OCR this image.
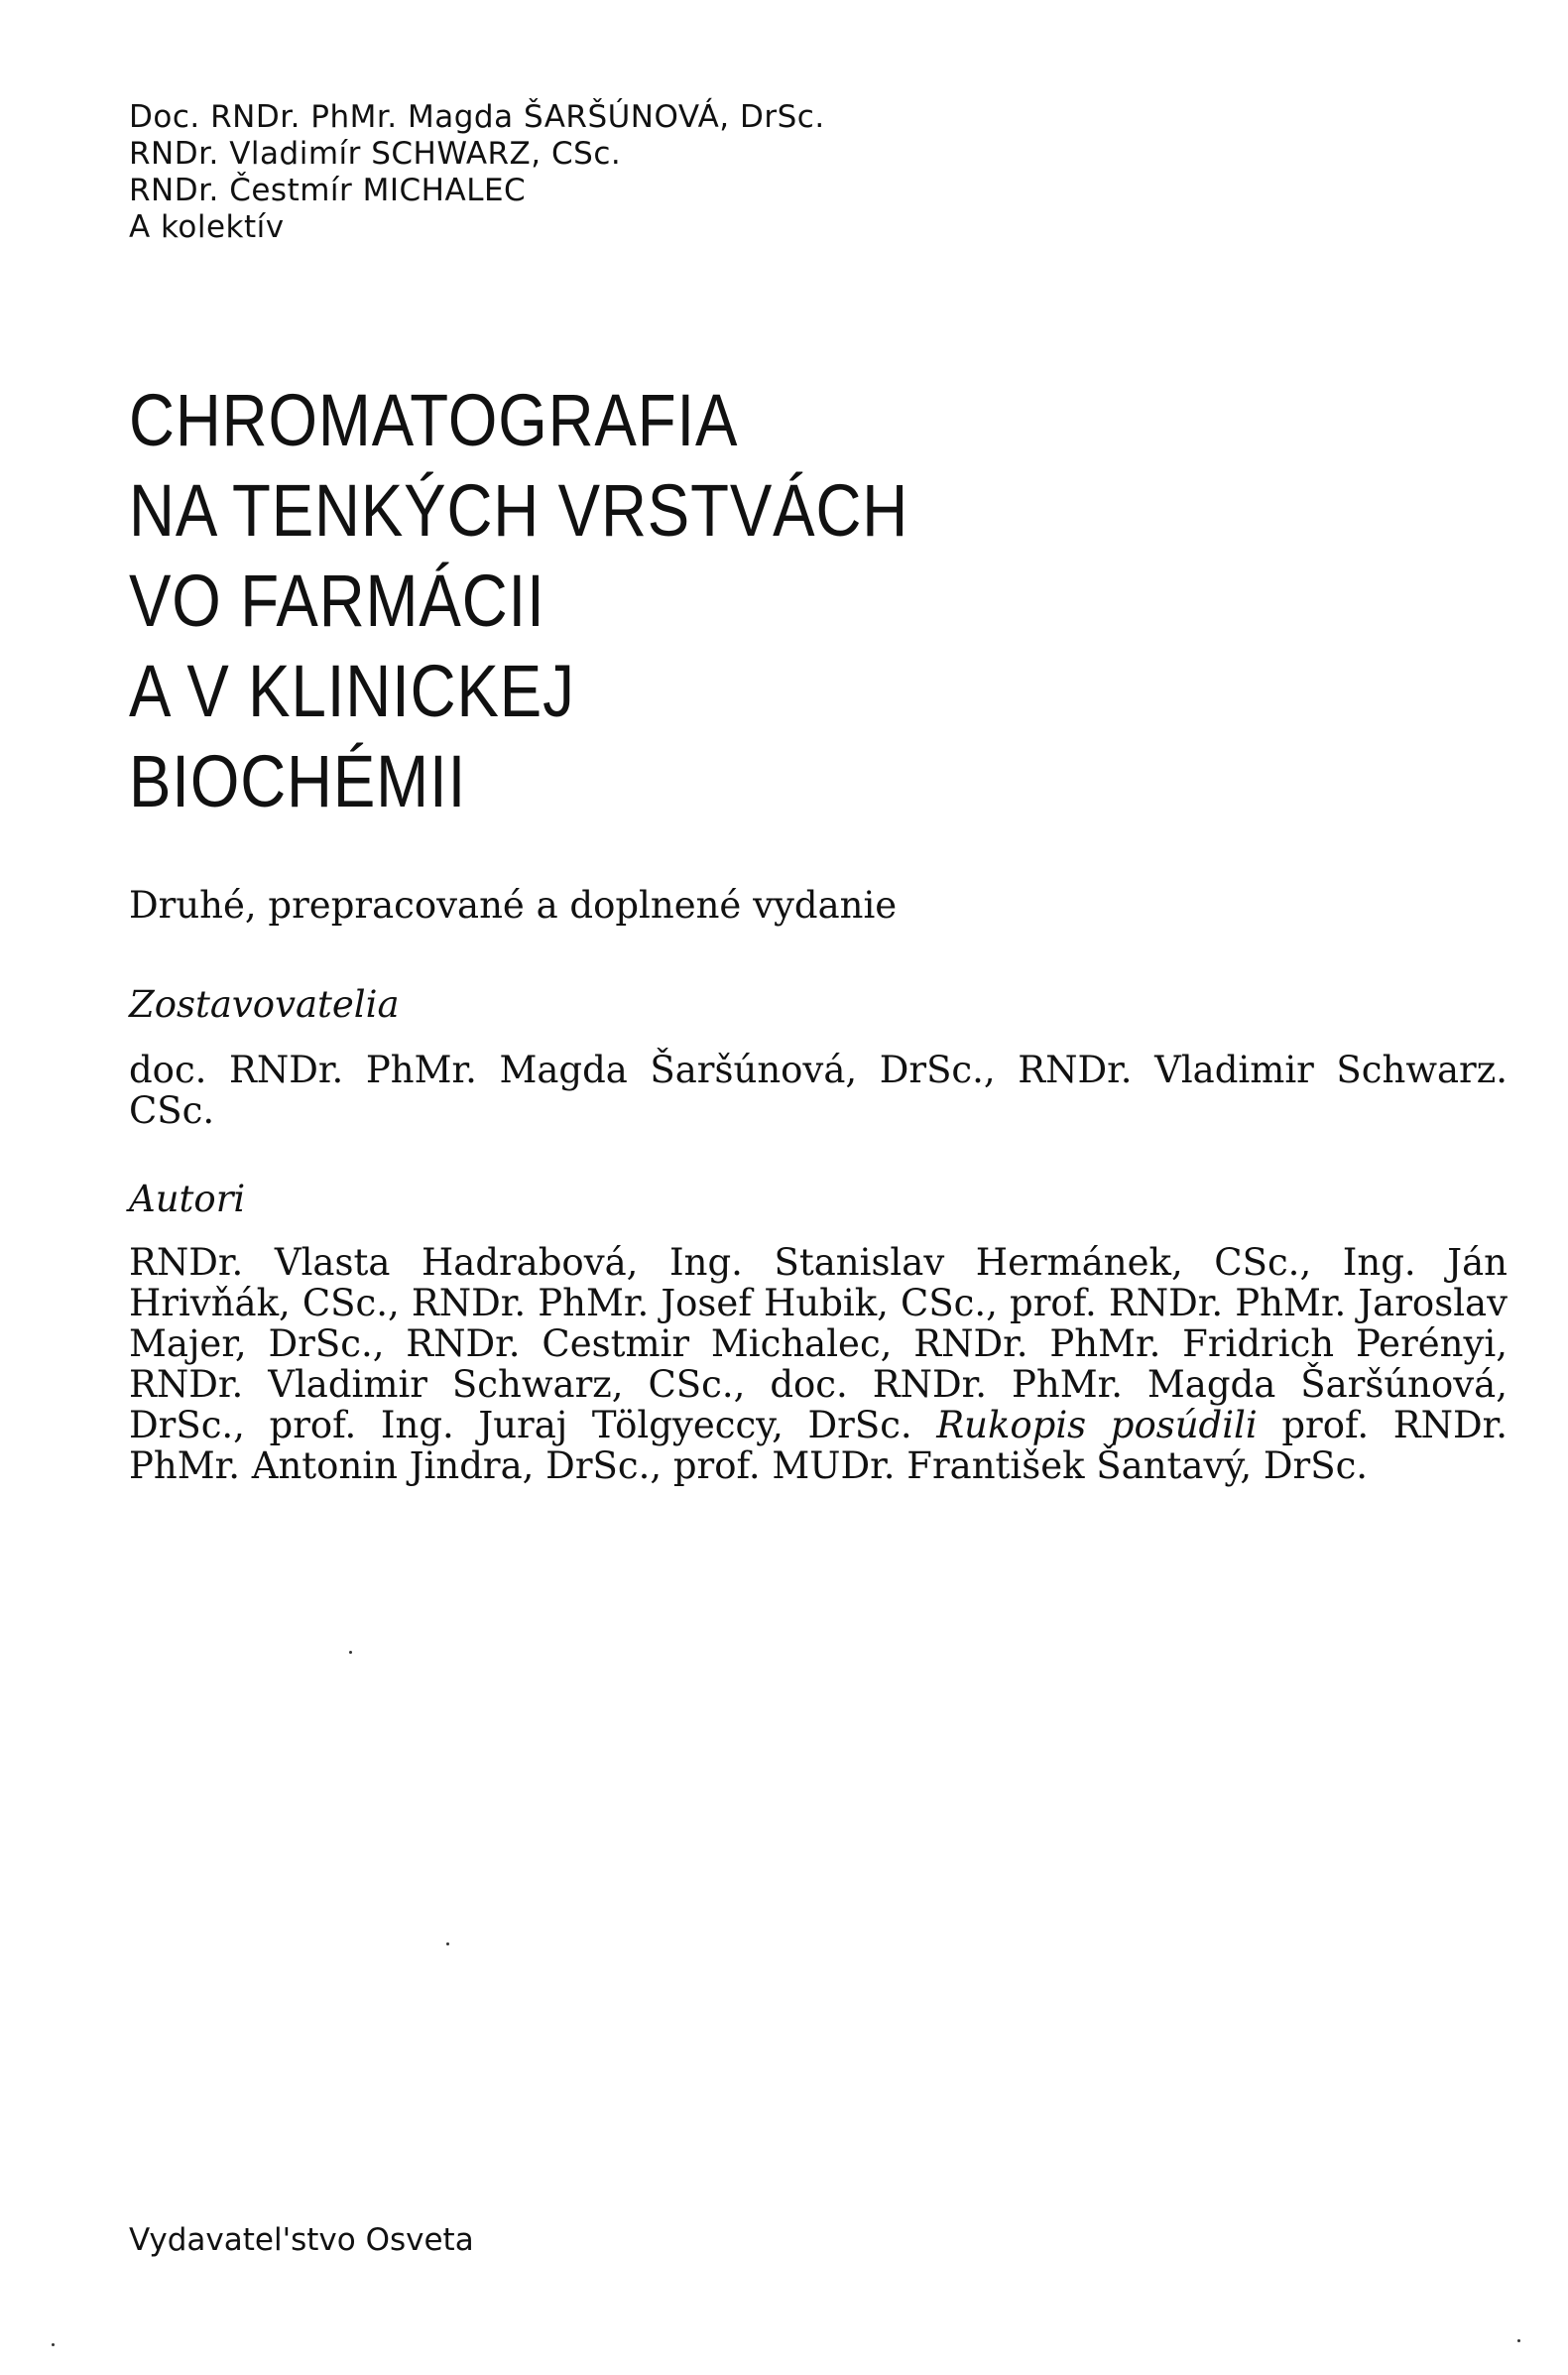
Doc. RNDr. PhMr. Magda ŠARŠÚNOVÁ, DrSc.
RNDr. Vladimír SCHWARZ, CSc.
RNDr. Čestmír MICHALEC
A kolektív
CHROMATOGRAFIA
NA TENKÝCH VRSTVÁCH
VO FARMÁCII
A V KLINICKEJ
BIOCHÉMII
Druhé, prepracované a doplnené vydanie
Zostavovatelia
doc. RNDr. PhMr. Magda Šaršúnová, DrSc., RNDr. Vladimir Schwarz. CSc.
Autori
RNDr. Vlasta Hadrabová, Ing. Stanislav Hermánek, CSc., Ing. Ján Hrivňák, CSc., RNDr. PhMr. Josef Hubik, CSc., prof. RNDr. PhMr. Jaroslav Majer, DrSc., RNDr. Cestmir Michalec, RNDr. PhMr. Fridrich Perényi, RNDr. Vladimir Schwarz, CSc., doc. RNDr. PhMr. Magda Šaršúnová, DrSc., prof. Ing. Juraj Tölgyeccy, DrSc. Rukopis posúdili prof. RNDr. PhMr. Antonin Jindra, DrSc., prof. MUDr. František Šantavý, DrSc.
Vydavatel'stvo Osveta
